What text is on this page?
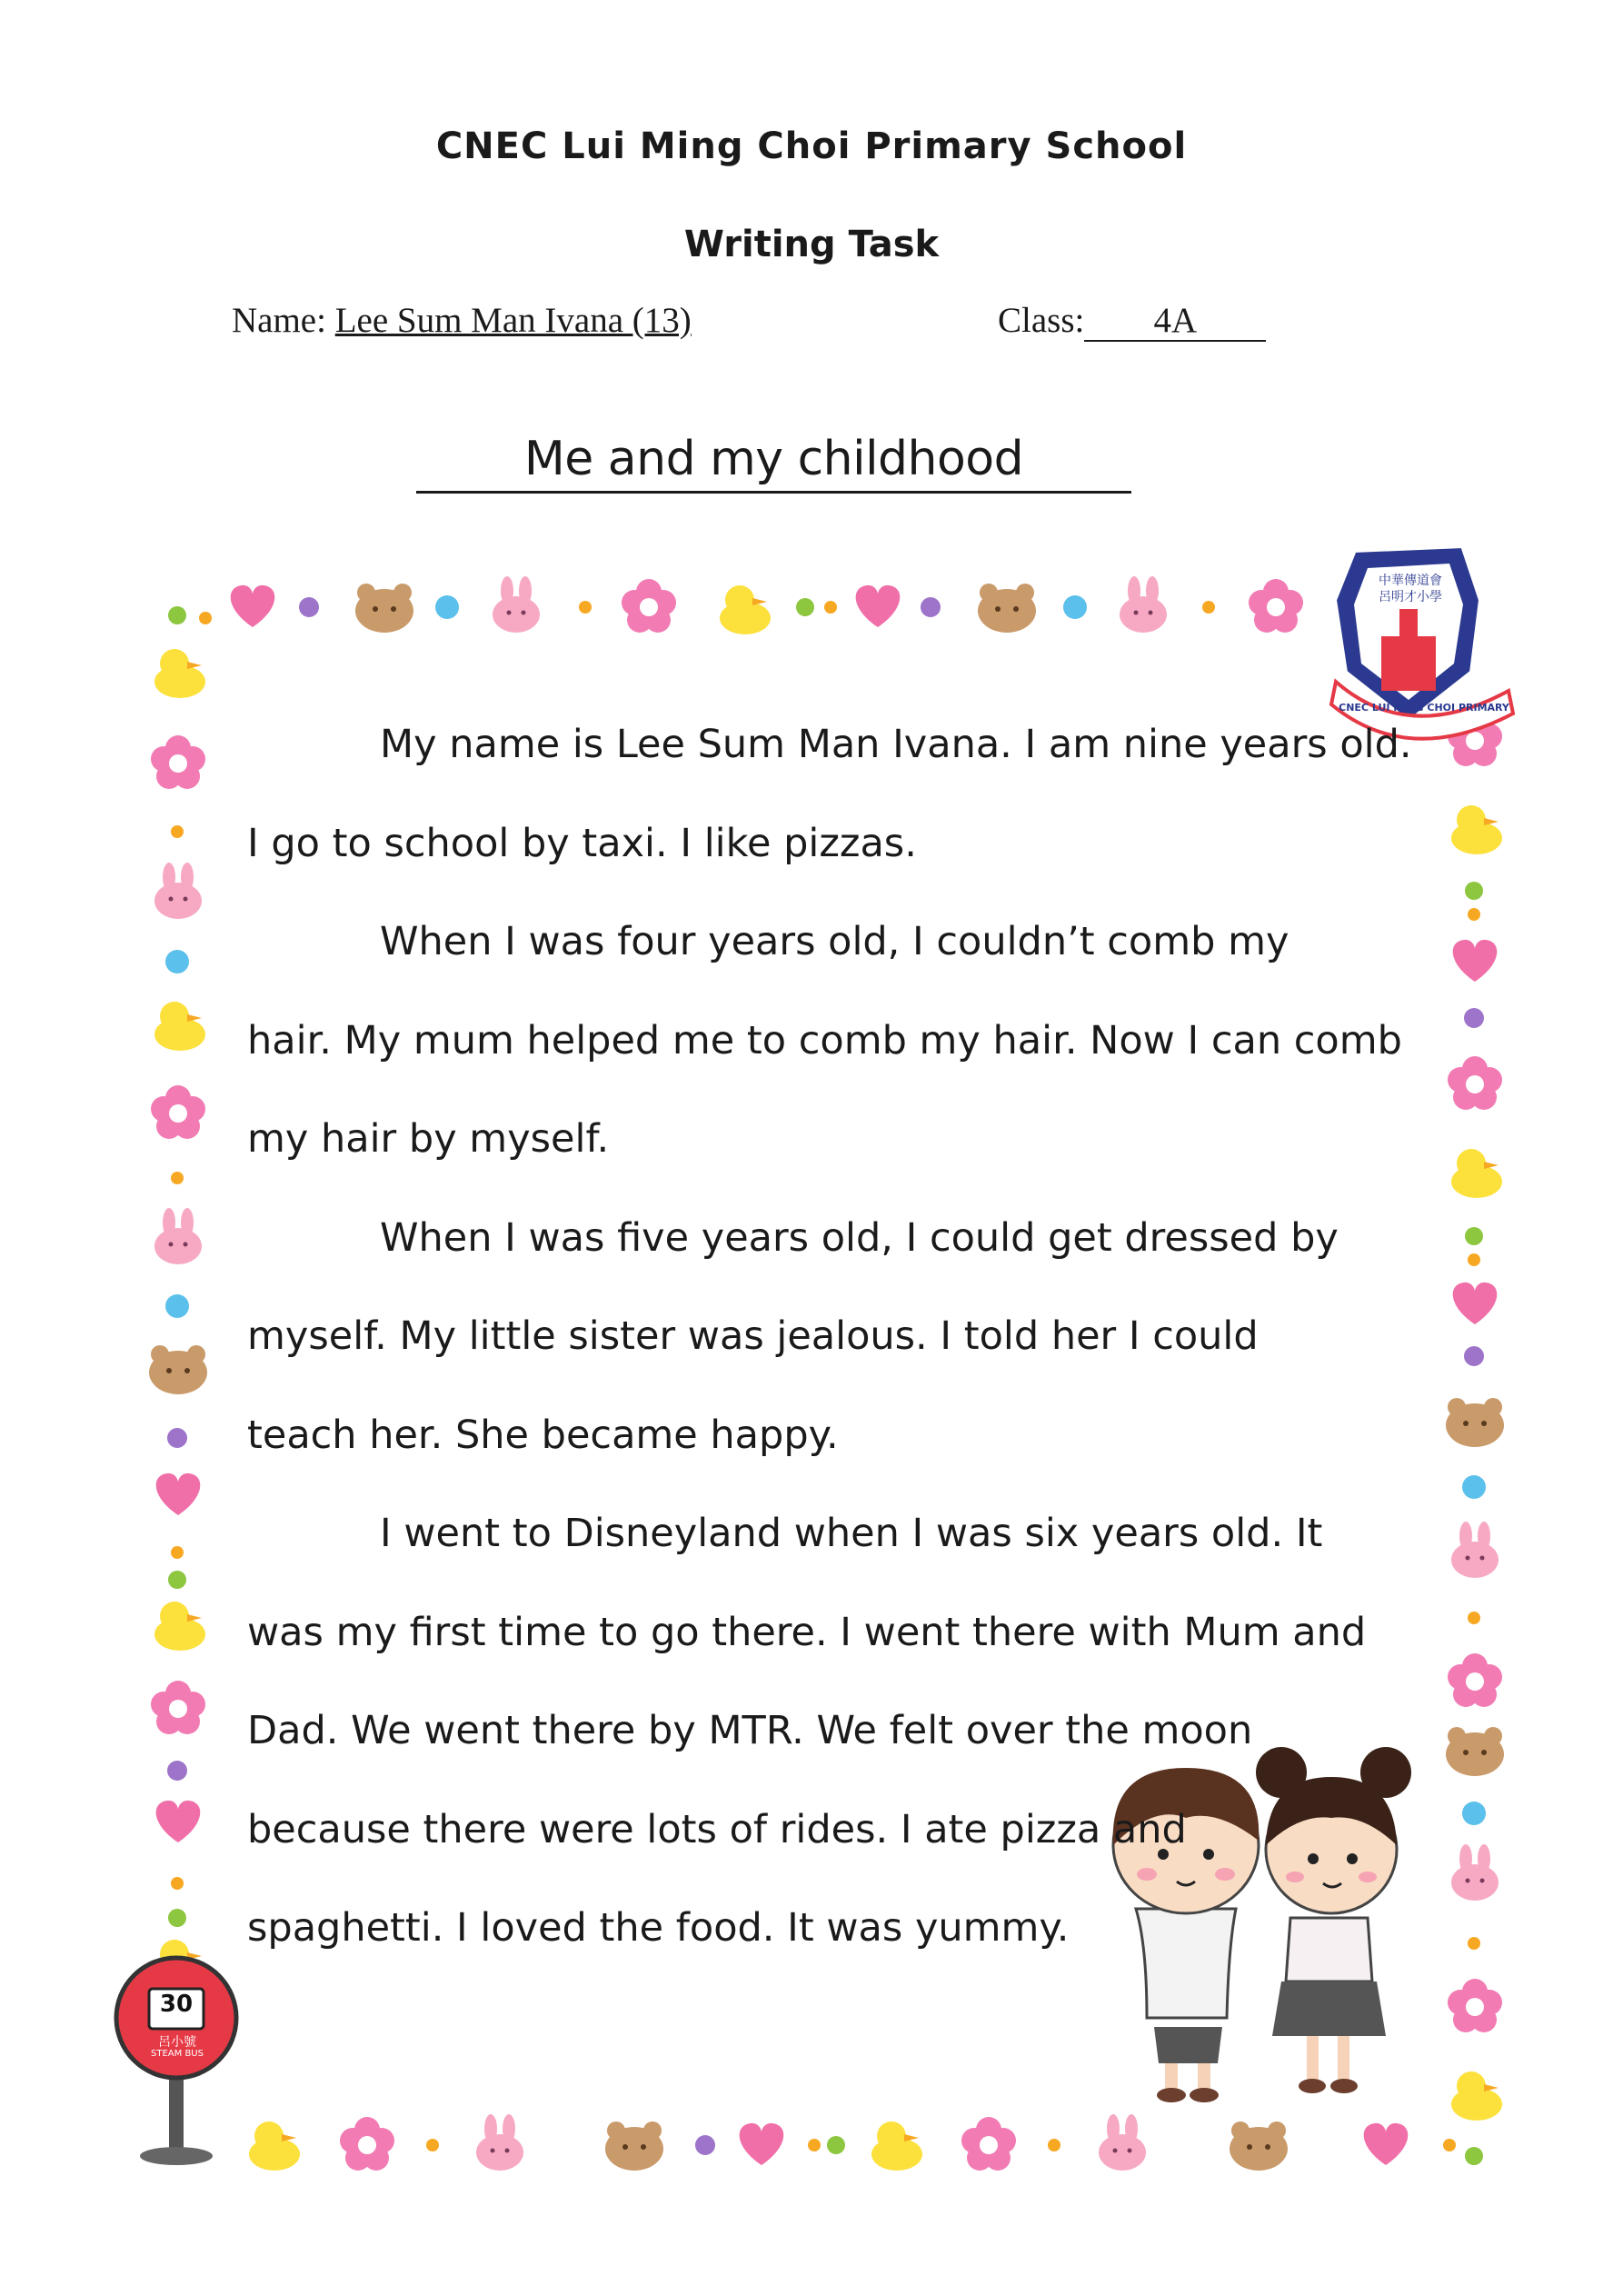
CNEC Lui Ming Choi Primary School
Writing Task
Name: Lee Sum Man Ivana (13)	Class: 4A
Me and my childhood
中華傳道會呂明才小學
CNEC LUI MING CHOI PRIMARY
30
呂小號
STEAM BUS

My name is Lee Sum Man Ivana. I am nine years old.

I go to school by taxi. I like pizzas.

When I was four years old, I couldn’t comb my

hair. My mum helped me to comb my hair. Now I can comb

my hair by myself.

When I was five years old, I could get dressed by

myself. My little sister was jealous. I told her I could

teach her. She became happy.

I went to Disneyland when I was six years old. It

was my first time to go there. I went there with Mum and

Dad. We went there by MTR. We felt over the moon

because there were lots of rides. I ate pizza and

spaghetti. I loved the food. It was yummy.
